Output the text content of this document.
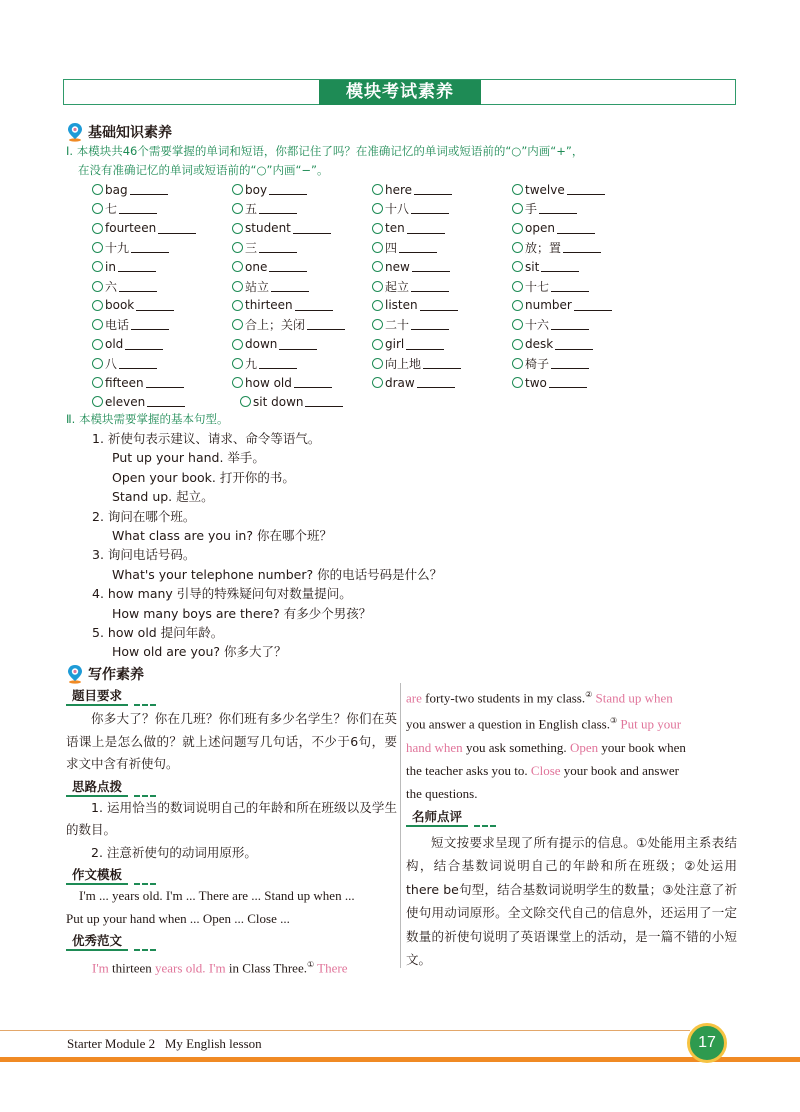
模块考试素养
基础知识素养
Ⅰ. 本模块共46个需要掌握的单词和短语，你都记住了吗？在准确记忆的单词或短语前的“○”内画“+”，
在没有准确记忆的单词或短语前的“○”内画“−”。
bag	boy	here	twelve
七	五	十八	手
fourteen	student	ten	open
十九	三	四	放；置
in	one	new	sit
六	站立	起立	十七
book	thirteen	listen	number
电话	合上；关闭	二十	十六
old	down	girl	desk
八	九	向上地	椅子
fifteen	how old	draw	two
eleven	sit down
Ⅱ. 本模块需要掌握的基本句型。
1. 祈使句表示建议、请求、命令等语气。
Put up your hand. 举手。
Open your book. 打开你的书。
Stand up. 起立。
2. 询问在哪个班。
What class are you in? 你在哪个班？
3. 询问电话号码。
What's your telephone number? 你的电话号码是什么？
4. how many 引导的特殊疑问句对数量提问。
How many boys are there? 有多少个男孩？
5. how old 提问年龄。
How old are you? 你多大了？
写作素养
题目要求
你多大了？你在几班？你们班有多少名学生？你们在英语课上是怎么做的？就上述问题写几句话，不少于6句，要求文中含有祈使句。
思路点拨
1. 运用恰当的数词说明自己的年龄和所在班级以及学生的数目。
2. 注意祈使句的动词用原形。
作文模板
I'm ... years old. I'm ... There are ... Stand up when ...
Put up your hand when ... Open ... Close ...
优秀范文
I'm thirteen years old. I'm in Class Three.① There
are forty-two students in my class.② Stand up when
you answer a question in English class.③ Put up your
hand when you ask something. Open your book when
the teacher asks you to. Close your book and answer
the questions.
名师点评
短文按要求呈现了所有提示的信息。①处能用主系表结构，结合基数词说明自己的年龄和所在班级；②处运用there be句型，结合基数词说明学生的数量；③处注意了祈使句用动词原形。全文除交代自己的信息外，还运用了一定数量的祈使句说明了英语课堂上的活动，是一篇不错的小短文。
Starter Module 2 My English lesson	17
